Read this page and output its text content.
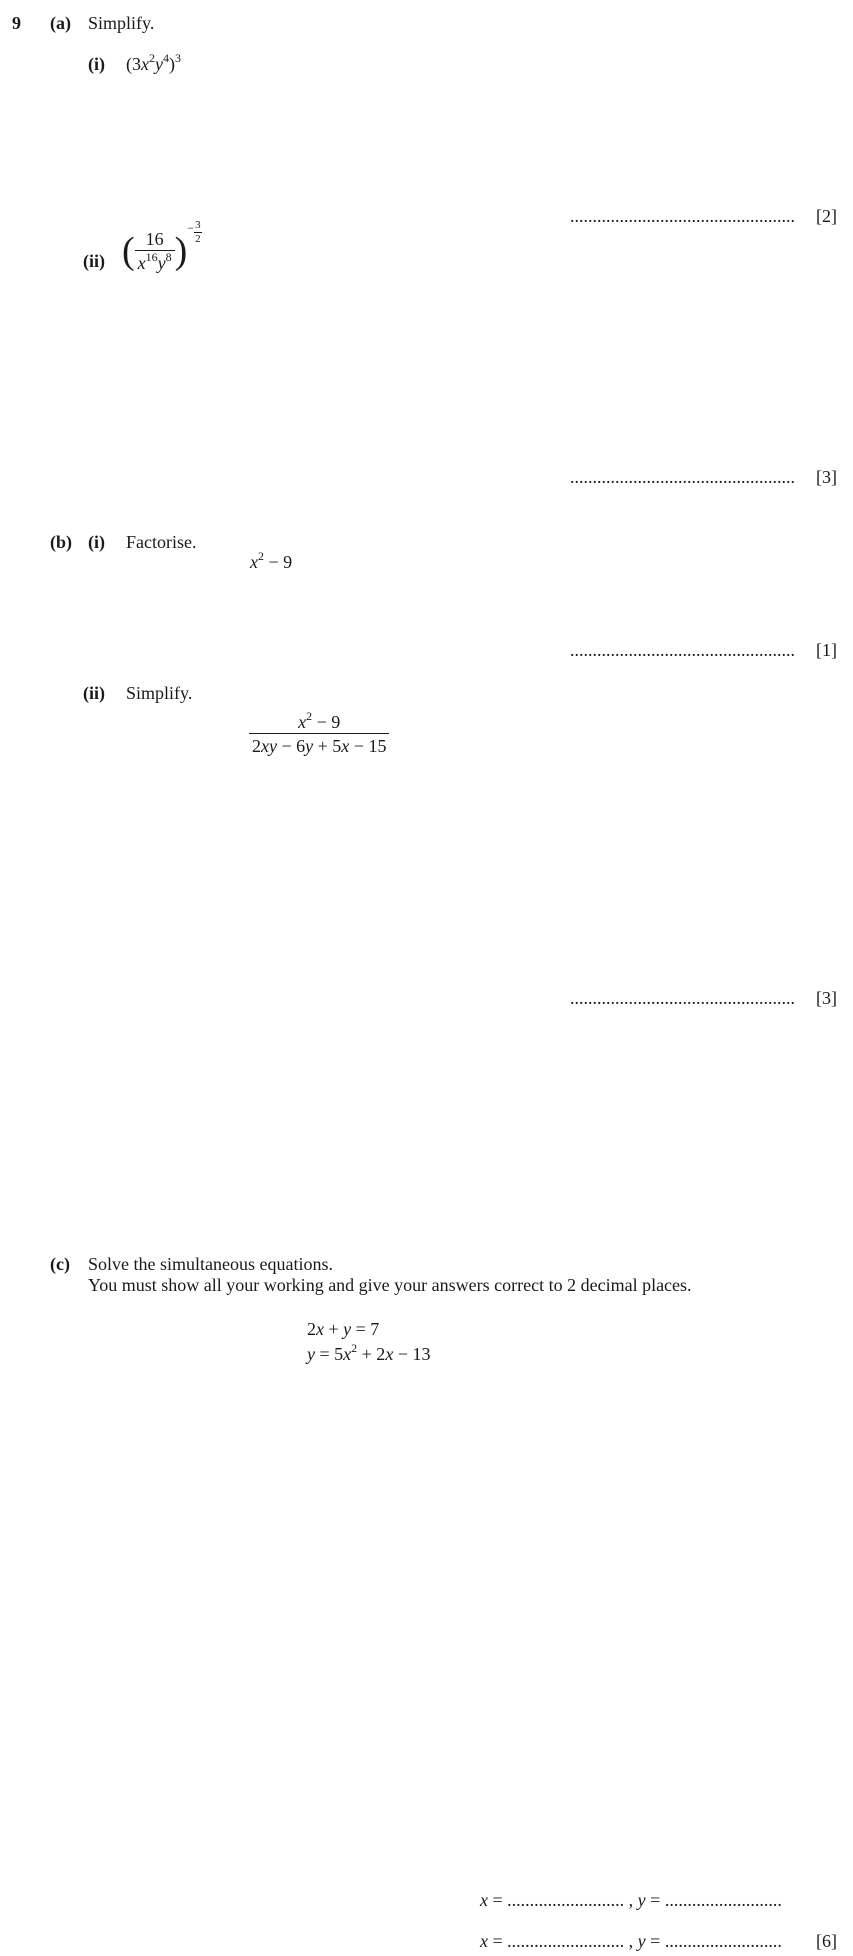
9 (a) Simplify.
(i) $(3x^2y^4)^3$
..................................................	[2]
(ii) ( $\frac{16}{x^{16}y^8} )^- \frac{3}{2}$
..................................................	[3]
(b) (i) Factorise.
$x^2 - 9$
..................................................	[1]
(ii) Simplify.
$\frac{x^2 - 9}{2xy - 6y + 5x - 15}$
..................................................	[3]
(c) Solve the simultaneous equations.
You must show all your working and give your answers correct to 2 decimal places.
2x + y = 7
$y = 5x^2 + 2x - 13$
x = .......................... , y = ..........................
x = .......................... , y = .......................... [6]
